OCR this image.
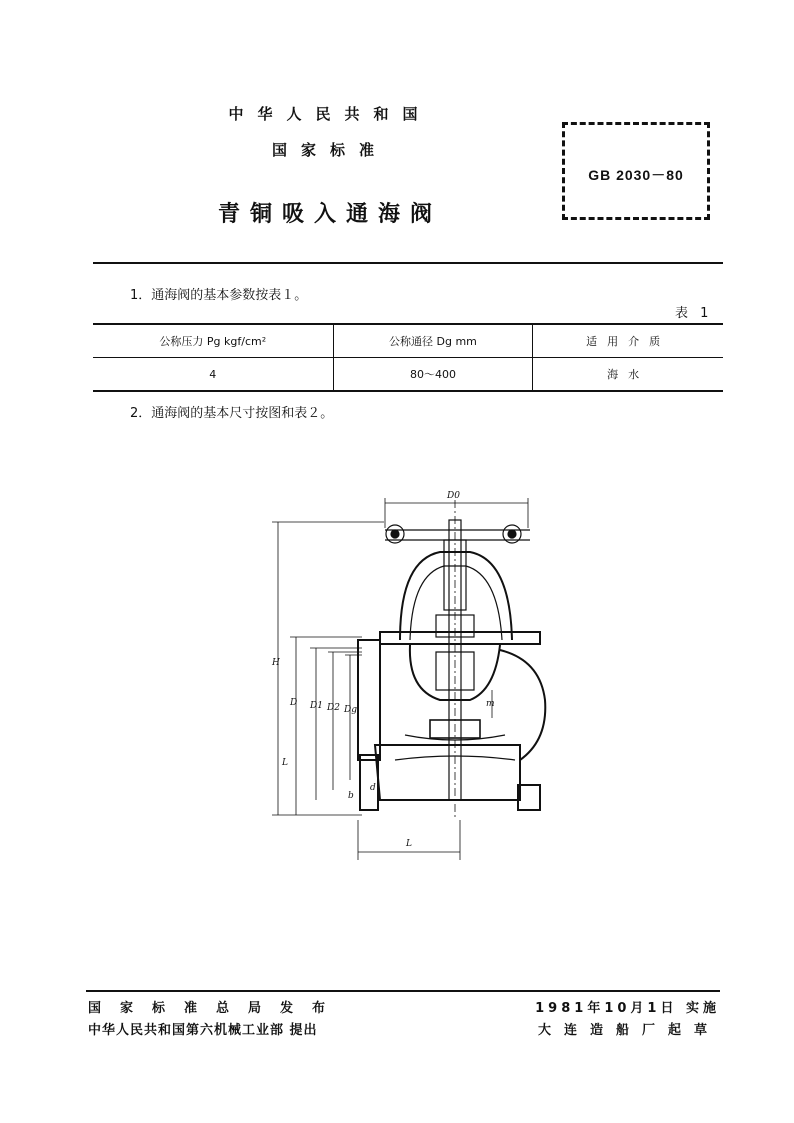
中华人民共和国
国家标准
青铜吸入通海阀
GB 2030－80
1．通海阀的基本参数按表１。
表 1
公称压力 Pg kgf/cm²	公称通径 Dg mm	适用介质
4	80～400	海水
2．通海阀的基本尺寸按图和表２。
D0
H
D D1 D2 Dg
L
L
b
d
m
国家标准总局发布
中华人民共和国第六机械工业部 提出
1981年10月1日 实施
大连造船厂起草
